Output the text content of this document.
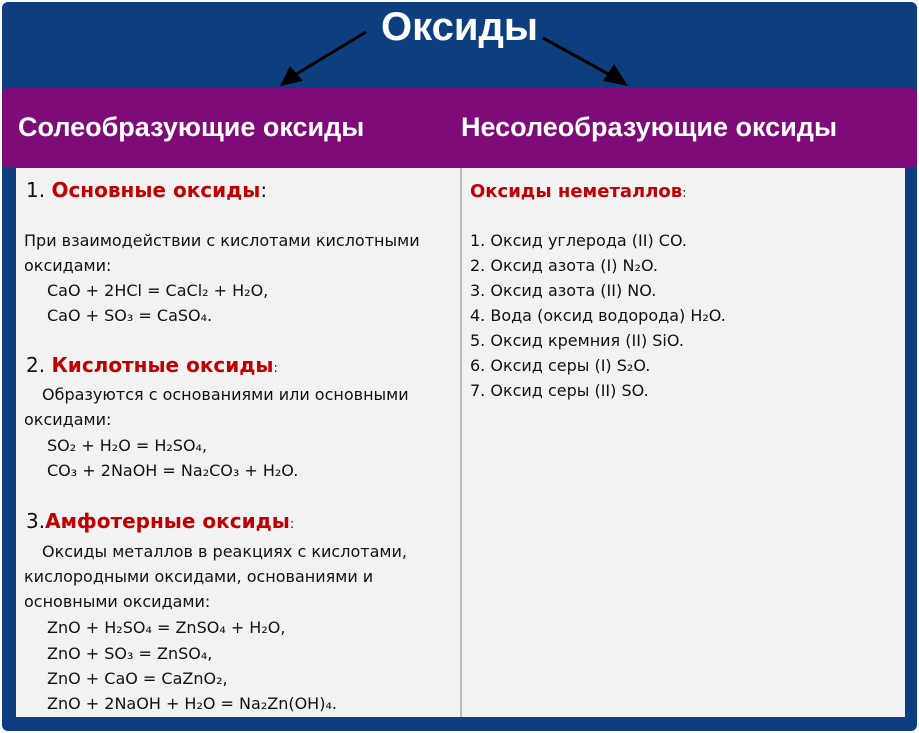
Оксиды
Солеобразующие оксиды	Несолеобразующие оксиды
1. Основные оксиды:
При взаимодействии с кислотами кислотными
оксидами:
CaO + 2HCl = CaCl₂ + H₂O,
CaO + SO₃ = CaSO₄.
2. Кислотные оксиды:
Образуются с основаниями или основными
оксидами:
SO₂ + H₂O = H₂SO₄,
CO₃ + 2NaOH = Na₂CO₃ + H₂O.
3.Амфотерные оксиды:
Оксиды металлов в реакциях с кислотами,
кислородными оксидами, основаниями и
основными оксидами:
ZnO + H₂SO₄ = ZnSO₄ + H₂O,
ZnO + SO₃ = ZnSO₄,
ZnO + CaO = CaZnO₂,
ZnO + 2NaOH + H₂O = Na₂Zn(OH)₄.
Оксиды неметаллов:
1. Оксид углерода (II) CO.
2. Оксид азота (I) N₂O.
3. Оксид азота (II) NO.
4. Вода (оксид водорода) H₂O.
5. Оксид кремния (II) SiO.
6. Оксид серы (I) S₂O.
7. Оксид серы (II) SO.
